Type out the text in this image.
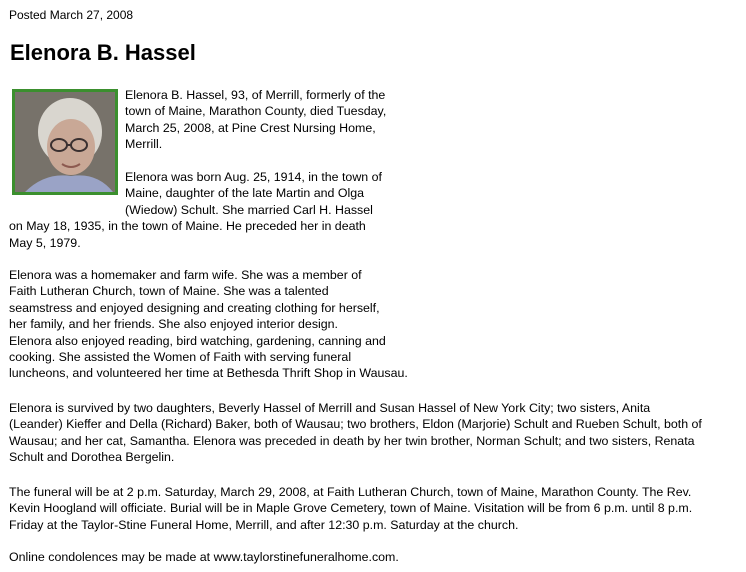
Posted March 27, 2008
Elenora B. Hassel
Elenora B. Hassel, 93, of Merrill, formerly of the
town of Maine, Marathon County, died Tuesday,
March 25, 2008, at Pine Crest Nursing Home,
Merrill.
Elenora was born Aug. 25, 1914, in the town of
Maine, daughter of the late Martin and Olga
(Wiedow) Schult. She married Carl H. Hassel
on May 18, 1935, in the town of Maine. He preceded her in death
May 5, 1979.
Elenora was a homemaker and farm wife. She was a member of
Faith Lutheran Church, town of Maine. She was a talented
seamstress and enjoyed designing and creating clothing for herself,
her family, and her friends. She also enjoyed interior design.
Elenora also enjoyed reading, bird watching, gardening, canning and
cooking. She assisted the Women of Faith with serving funeral
luncheons, and volunteered her time at Bethesda Thrift Shop in Wausau.
Elenora is survived by two daughters, Beverly Hassel of Merrill and Susan Hassel of New York City; two sisters, Anita
(Leander) Kieffer and Della (Richard) Baker, both of Wausau; two brothers, Eldon (Marjorie) Schult and Rueben Schult, both of
Wausau; and her cat, Samantha. Elenora was preceded in death by her twin brother, Norman Schult; and two sisters, Renata
Schult and Dorothea Bergelin.
The funeral will be at 2 p.m. Saturday, March 29, 2008, at Faith Lutheran Church, town of Maine, Marathon County. The Rev.
Kevin Hoogland will officiate. Burial will be in Maple Grove Cemetery, town of Maine. Visitation will be from 6 p.m. until 8 p.m.
Friday at the Taylor-Stine Funeral Home, Merrill, and after 12:30 p.m. Saturday at the church.
Online condolences may be made at www.taylorstinefuneralhome.com.
